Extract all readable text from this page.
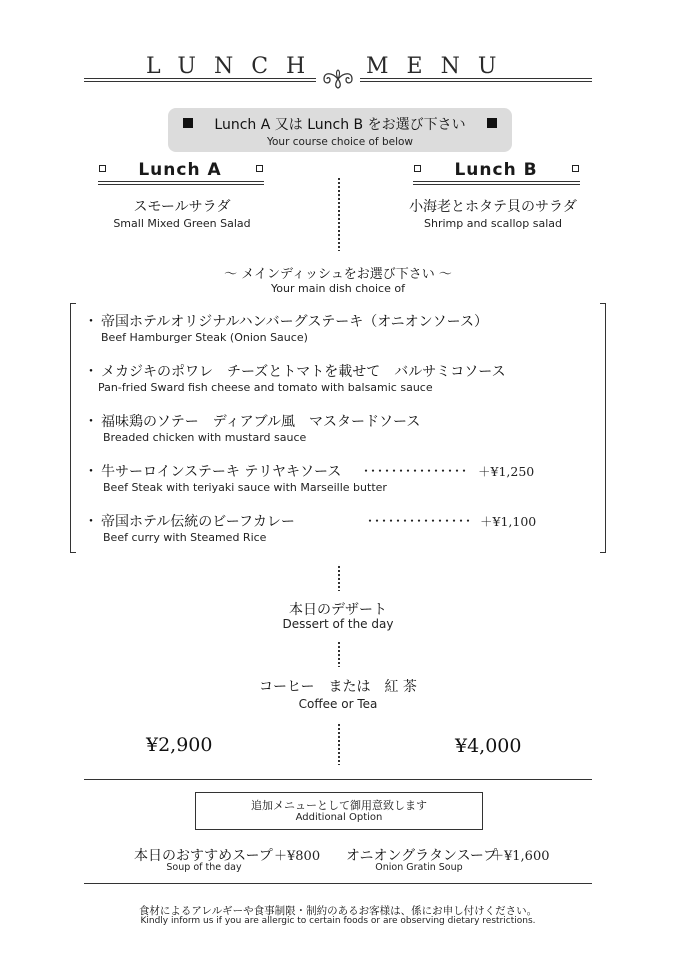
LUNCH MENU
Lunch A 又は Lunch B をお選び下さい
Your course choice of below
Lunch A	Lunch B
スモールサラダ
Small Mixed Green Salad
小海老とホタテ貝のサラダ
Shrimp and scallop salad
～ メインディッシュをお選び下さい ～
Your main dish choice of
・ 帝国ホテルオリジナルハンバーグステーキ（オニオンソース）
Beef Hamburger Steak (Onion Sauce)
・ メカジキのポワレ　チーズとトマトを載せて　バルサミコソース
Pan-fried Sward fish cheese and tomato with balsamic sauce
・ 福味鶏のソテー　ディアブル風　マスタードソース
Breaded chicken with mustard sauce
・ 牛サーロインステーキ テリヤキソース ･･･････････････ ＋¥1,250
Beef Steak with teriyaki sauce with Marseille butter
・ 帝国ホテル伝統のビーフカレー	･･･････････････ ＋¥1,100
Beef curry with Steamed Rice
本日のデザート
Dessert of the day
コーヒー　または　紅 茶
Coffee or Tea
¥2,900	¥4,000
追加メニューとして御用意致します
Additional Option
本日のおすすめスープ ＋¥800
Soup of the day
オニオングラタンスープ
＋¥1,600
Onion Gratin Soup
食材によるアレルギーや食事制限・制約のあるお客様は、係にお申し付けください。
Kindly inform us if you are allergic to certain foods or are observing dietary restrictions.
